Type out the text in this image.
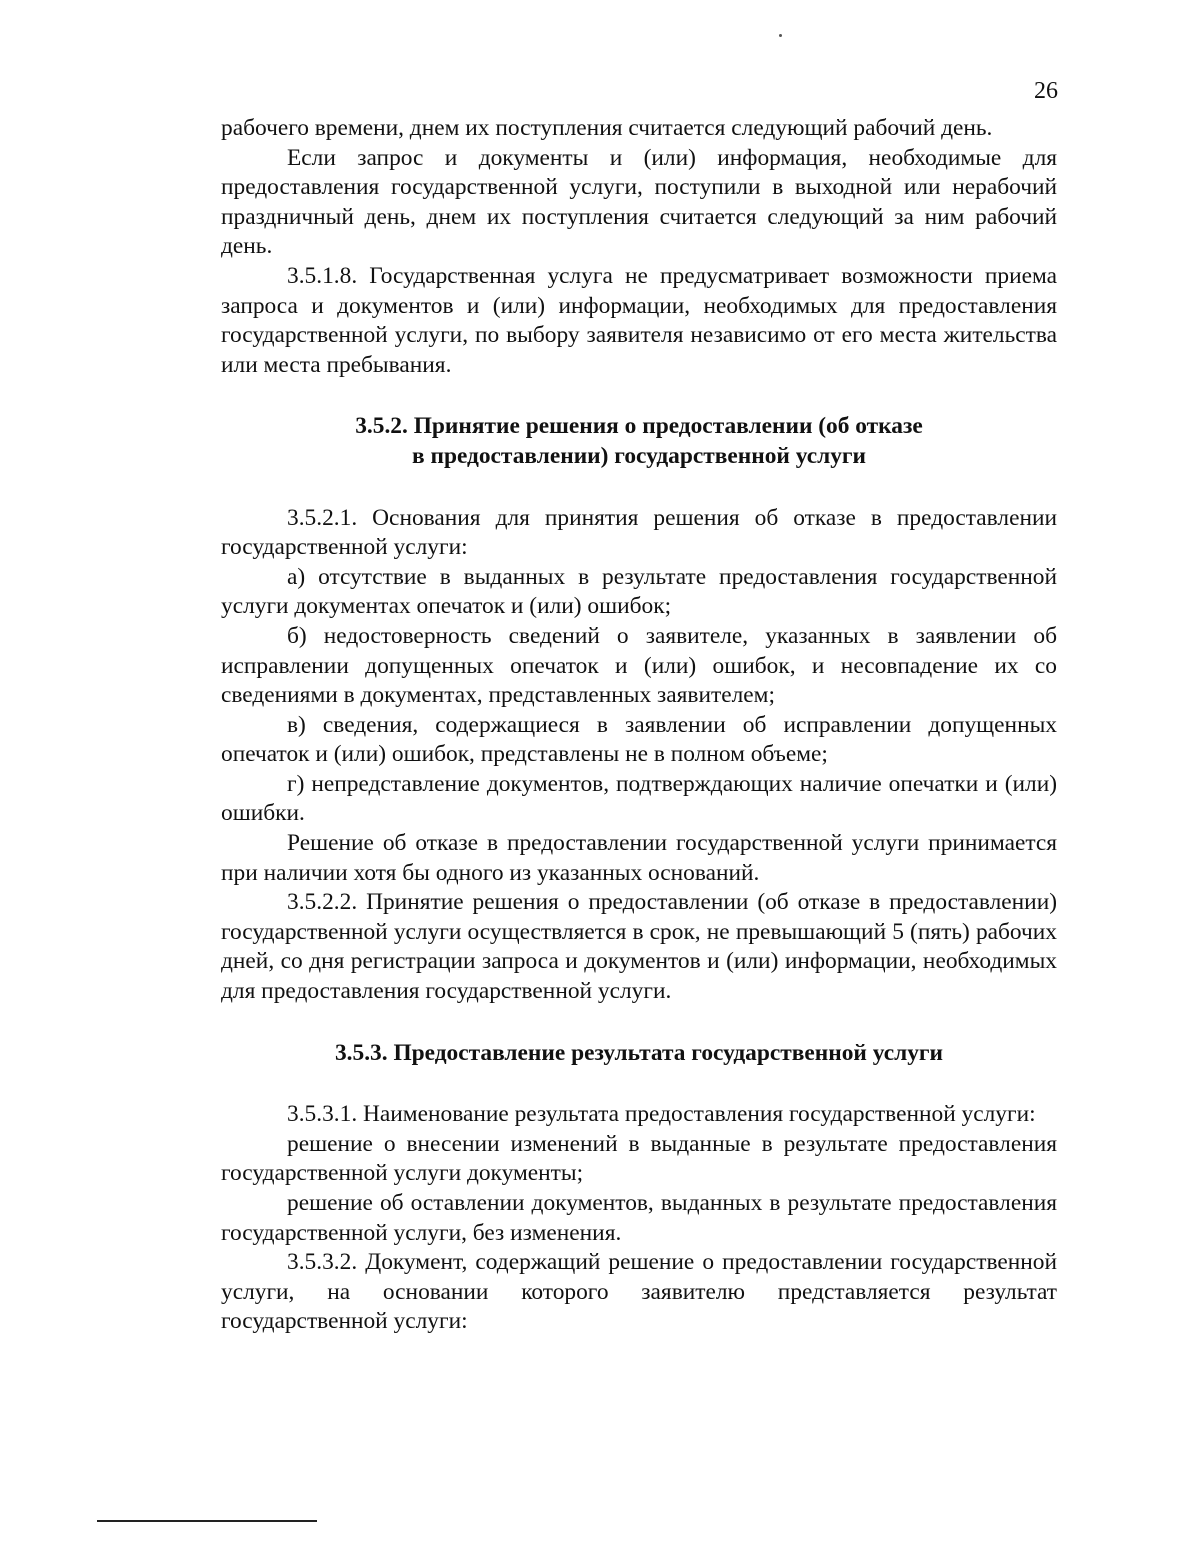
26

рабочего времени, днем их поступления считается следующий рабочий день.

Если запрос и документы и (или) информация, необходимые для предоставления государственной услуги, поступили в выходной или нерабочий праздничный день, днем их поступления считается следующий за ним рабочий день.

3.5.1.8. Государственная услуга не предусматривает возможности приема запроса и документов и (или) информации, необходимых для предоставления государственной услуги, по выбору заявителя независимо от его места жительства или места пребывания.

3.5.2. Принятие решения о предоставлении (об отказе
в предоставлении) государственной услуги

3.5.2.1. Основания для принятия решения об отказе в предоставлении государственной услуги:

а) отсутствие в выданных в результате предоставления государственной услуги документах опечаток и (или) ошибок;

б) недостоверность сведений о заявителе, указанных в заявлении об исправлении допущенных опечаток и (или) ошибок, и несовпадение их со сведениями в документах, представленных заявителем;

в) сведения, содержащиеся в заявлении об исправлении допущенных опечаток и (или) ошибок, представлены не в полном объеме;

г) непредставление документов, подтверждающих наличие опечатки и (или) ошибки.

Решение об отказе в предоставлении государственной услуги принимается при наличии хотя бы одного из указанных оснований.

3.5.2.2. Принятие решения о предоставлении (об отказе в предоставлении) государственной услуги осуществляется в срок, не превышающий 5 (пять) рабочих дней, со дня регистрации запроса и документов и (или) информации, необходимых для предоставления государственной услуги.

3.5.3. Предоставление результата государственной услуги

3.5.3.1. Наименование результата предоставления государственной услуги:

решение о внесении изменений в выданные в результате предоставления государственной услуги документы;

решение об оставлении документов, выданных в результате предоставления государственной услуги, без изменения.

3.5.3.2. Документ, содержащий решение о предоставлении государственной услуги, на основании которого заявителю представляется результат государственной услуги:
